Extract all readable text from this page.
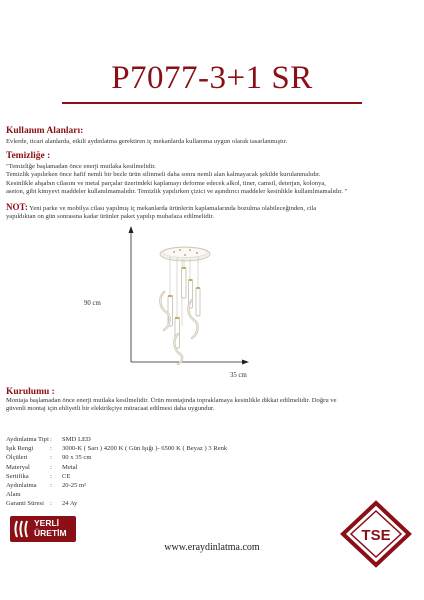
P7077-3+1 SR
Kullanım Alanları:
Evlerde, ticari alanlarda, etkili aydınlatma gerektiren iç mekanlarda kullanıma uygun olarak tasarlanmıştır.
Temizliğe :
"Temizliğe başlamadan önce enerji mutlaka kesilmelidir.
Temizlik yapılırken önce hafif nemli bir bezle ürün silinmeli daha sonra nemli alan kalmayacak şekilde kurulanmalıdır.
Kesinlikle ahşabın cilasını ve metal parçalar üzerindeki kaplamayı deforme edecek alkol, tiner, camsil, deterjan, kolonya,
aseton, gibi kimyevi maddeler kullanılmamalıdır. Temizlik yapılırken çizici ve aşındırıcı maddeler kesinlikle kullanılmamalıdır. "
NOT: Yeni parke ve mobilya cilası yapılmış iç mekanlarda ürünlerin kaplamalarında bozulma olabileceğinden, cila
yapıldıktan on gün sonrasına kadar ürünler paket yapılıp muhafaza edilmelidir.
90 cm
35 cm
Kurulumu :
Montaja başlamadan önce enerji mutlaka kesilmelidir. Ürün montajında topraklamaya kesinlikle dikkat edilmelidir. Doğru ve
güvenli montaj için ehliyetli bir elektrikçiye müracaat edilmesi daha uygundur.
Aydınlatma Tipi :	SMD LED
Işık Rengi	:	3000-K ( Sarı ) 4200 K ( Gün Işığı )- 6500 K ( Beyaz ) 3 Renk
Ölçüleri	:	90 x 35 cm
Materyal	:	Metal
Sertifika	:	CE
Aydınlatma Alanı
:	20-25 m²
Garanti Süresi :	24 Ay
YERLİ
ÜRETİM	TSE
www.eraydinlatma.com
